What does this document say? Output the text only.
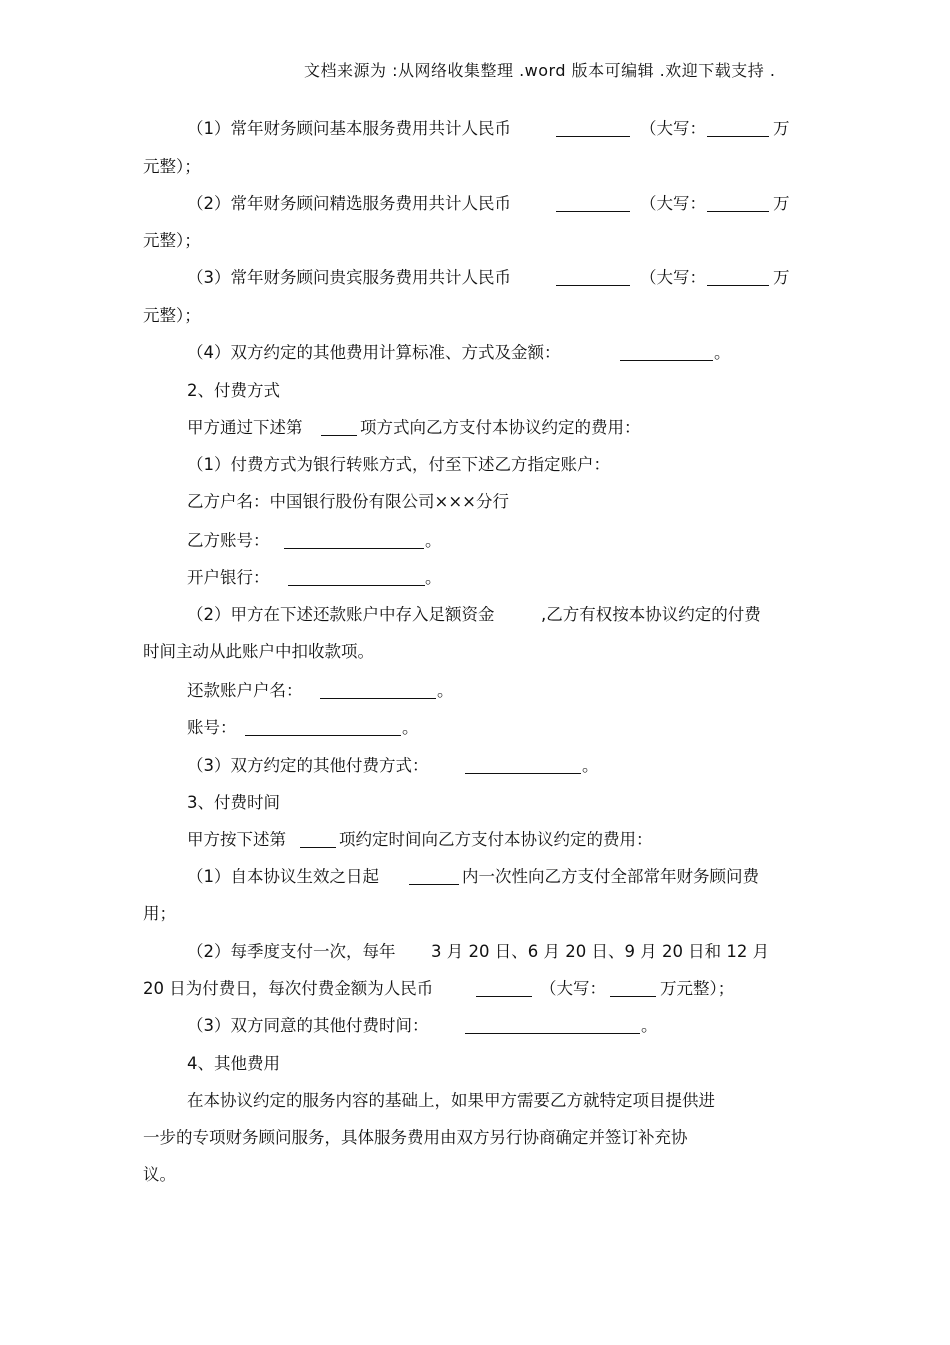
文档来源为 :从网络收集整理 .word 版本可编辑 .欢迎下载支持 .
（1）常年财务顾问基本服务费用共计人民币	（大写：	万
元整）；
（2）常年财务顾问精选服务费用共计人民币	（大写：	万
元整）；
（3）常年财务顾问贵宾服务费用共计人民币	（大写：	万
元整）；
（4）双方约定的其他费用计算标准、方式及金额：	。
2、付费方式
甲方通过下述第	项方式向乙方支付本协议约定的费用：
（1）付费方式为银行转账方式，付至下述乙方指定账户：
乙方户名：中国银行股份有限公司×××分行
乙方账号：	。
开户银行：	。
（2）甲方在下述还款账户中存入足额资金	,乙方有权按本协议约定的付费
时间主动从此账户中扣收款项。
还款账户户名：	。
账号：	。
（3）双方约定的其他付费方式：	。
3、付费时间
甲方按下述第	项约定时间向乙方支付本协议约定的费用：
（1）自本协议生效之日起	内一次性向乙方支付全部常年财务顾问费
用；
（2）每季度支付一次，每年 3 月 20 日、6 月 20 日、9 月 20 日和 12 月
20 日为付费日，每次付费金额为人民币	（大写：	万元整）；
（3）双方同意的其他付费时间：	。
4、其他费用
在本协议约定的服务内容的基础上，如果甲方需要乙方就特定项目提供进
一步的专项财务顾问服务，具体服务费用由双方另行协商确定并签订补充协
议。
